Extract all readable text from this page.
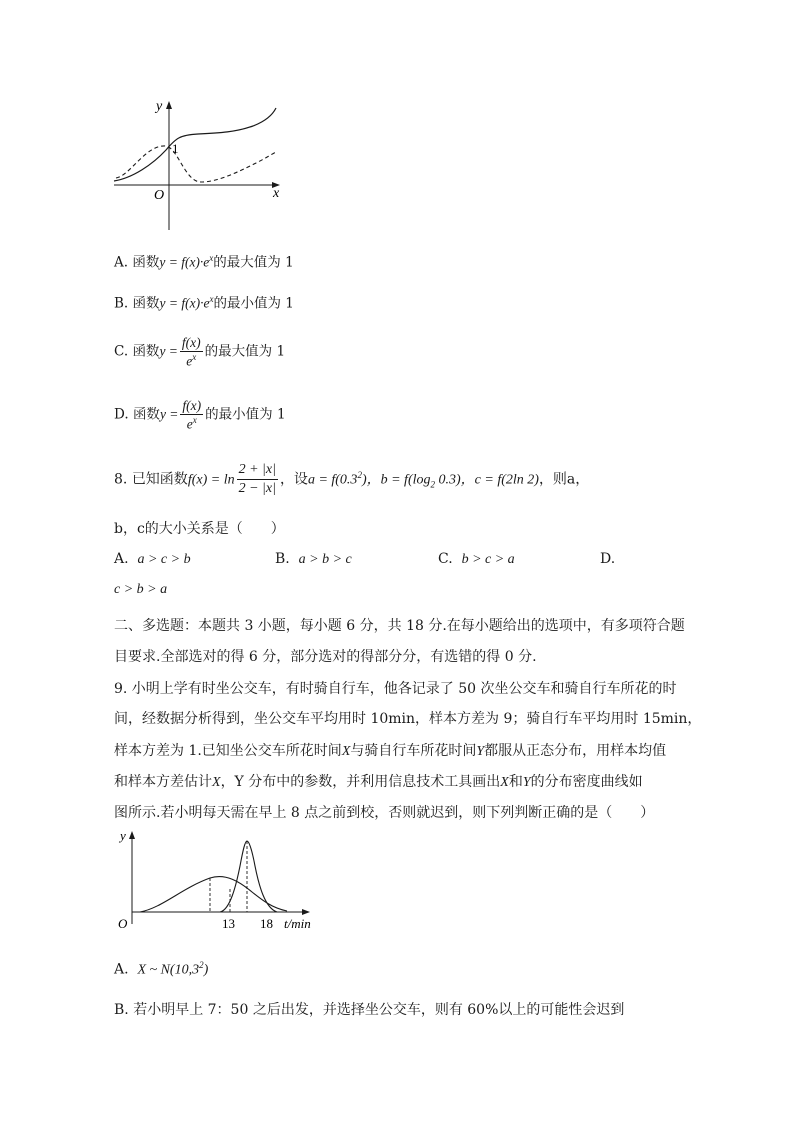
y
x
O
1
A. 函数$y = f(x)\cdot e^x$的最大值为 1
B. 函数$y = f(x)\cdot e^x$的最小值为 1
C. 函数$y = \frac{f(x)}{e^x}$ 的最大值为 1
D. 函数$y = \frac{f(x)}{e^x}$ 的最小值为 1
8. 已知函数$f(x) = \ln \frac{2 + |x|}{2 - |x|}$ ，设$a = f(0.3^2)$，$b = f(\log_2$ 0.3)，c = f(2ln 2)，则a，
b，c的大小关系是（　　）
A. a > c > b	B. a > b > c	C. b > c > a	D.
c > b > a
二、多选题：本题共 3 小题，每小题 6 分，共 18 分.在每小题给出的选项中，有多项符合题
目要求.全部选对的得 6 分，部分选对的得部分分，有选错的得 0 分.
9. 小明上学有时坐公交车，有时骑自行车，他各记录了 50 次坐公交车和骑自行车所花的时
间，经数据分析得到，坐公交车平均用时 10min，样本方差为 9；骑自行车平均用时 15min，
样本方差为 1.已知坐公交车所花时间X与骑自行车所花时间Y都服从正态分布，用样本均值
和样本方差估计X，Y 分布中的参数，并利用信息技术工具画出X和Y的分布密度曲线如
图所示.若小明每天需在早上 8 点之前到校，否则就迟到，则下列判断正确的是（　　）
y
O	13 18 t/min
A. X ~ N(10,3$^2$)
B. 若小明早上 7：50 之后出发，并选择坐公交车，则有 60%以上的可能性会迟到
